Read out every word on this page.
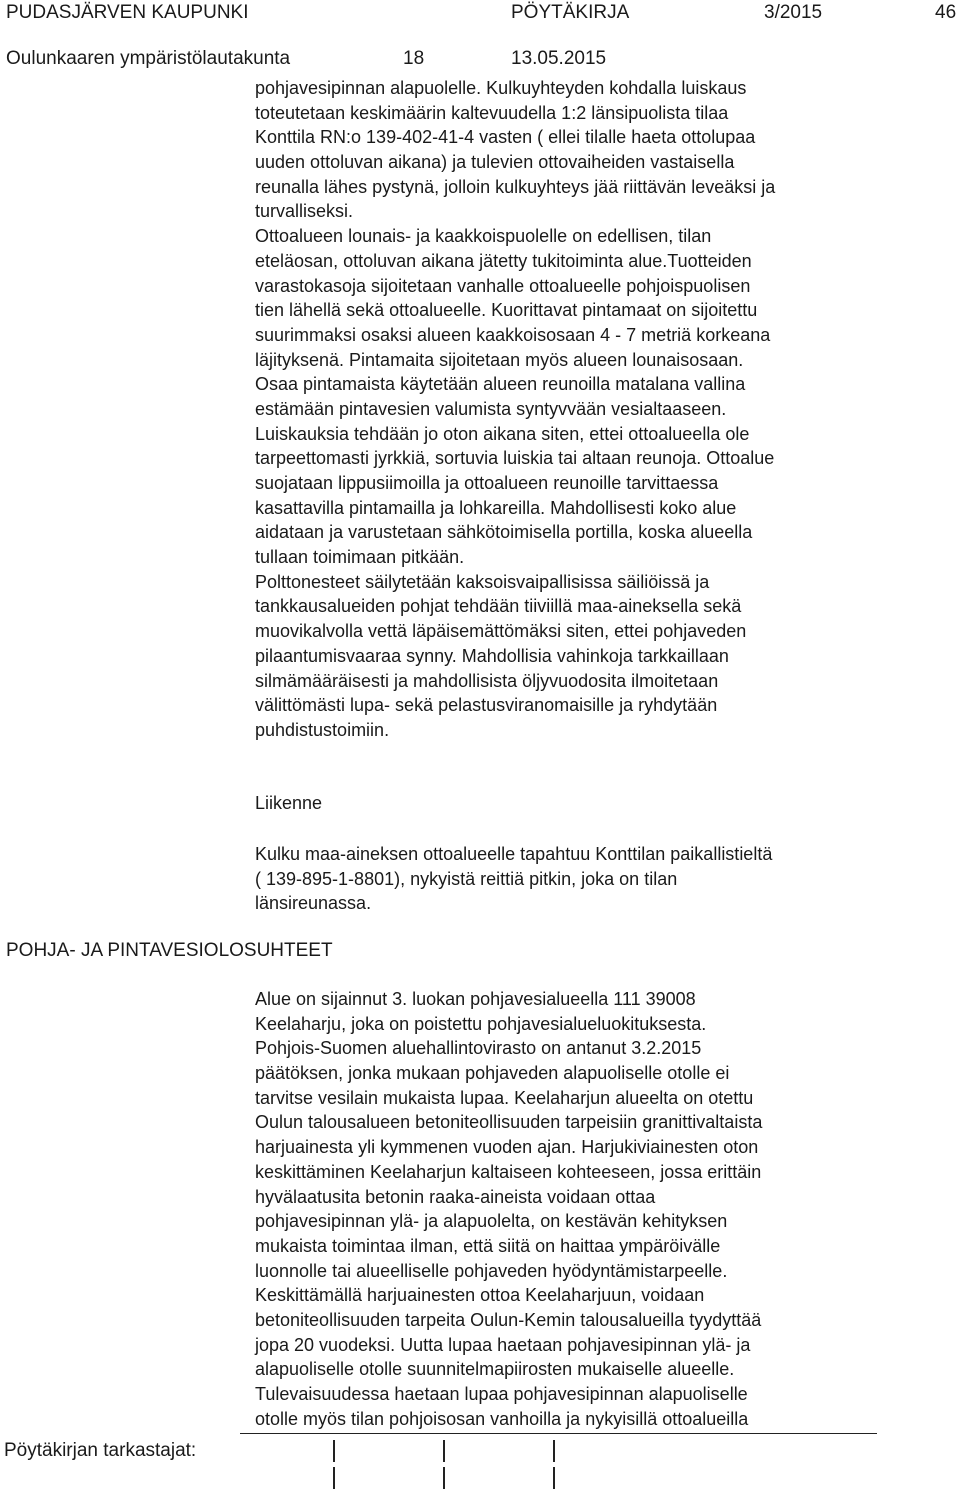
PUDASJÄRVEN KAUPUNKI	PÖYTÄKIRJA	3/2015	46
Oulunkaaren ympäristölautakunta	18	13.05.2015
pohjavesipinnan alapuolelle. Kulkuyhteyden kohdalla luiskaus
toteutetaan keskimäärin kaltevuudella 1:2 länsipuolista tilaa
Konttila RN:o 139-402-41-4 vasten ( ellei tilalle haeta ottolupaa
uuden ottoluvan aikana) ja tulevien ottovaiheiden vastaisella
reunalla lähes pystynä, jolloin kulkuyhteys jää riittävän leveäksi ja
turvalliseksi.
Ottoalueen lounais- ja kaakkoispuolelle on edellisen, tilan
eteläosan, ottoluvan aikana jätetty tukitoiminta alue.Tuotteiden
varastokasoja sijoitetaan vanhalle ottoalueelle pohjoispuolisen
tien lähellä sekä ottoalueelle. Kuorittavat pintamaat on sijoitettu
suurimmaksi osaksi alueen kaakkoisosaan 4 - 7 metriä korkeana
läjityksenä. Pintamaita sijoitetaan myös alueen lounaisosaan.
Osaa pintamaista käytetään alueen reunoilla matalana vallina
estämään pintavesien valumista syntyvvään vesialtaaseen.
Luiskauksia tehdään jo oton aikana siten, ettei ottoalueella ole
tarpeettomasti jyrkkiä, sortuvia luiskia tai altaan reunoja. Ottoalue
suojataan lippusiimoilla ja ottoalueen reunoille tarvittaessa
kasattavilla pintamailla ja lohkareilla. Mahdollisesti koko alue
aidataan ja varustetaan sähkötoimisella portilla, koska alueella
tullaan toimimaan pitkään.
Polttonesteet säilytetään kaksoisvaipallisissa säiliöissä ja
tankkausalueiden pohjat tehdään tiiviillä maa-aineksella sekä
muovikalvolla vettä läpäisemättömäksi siten, ettei pohjaveden
pilaantumisvaaraa synny. Mahdollisia vahinkoja tarkkaillaan
silmämääräisesti ja mahdollisista öljyvuodosita ilmoitetaan
välittömästi lupa- sekä pelastusviranomaisille ja ryhdytään
puhdistustoimiin.
Liikenne
Kulku maa-aineksen ottoalueelle tapahtuu Konttilan paikallistieltä
( 139-895-1-8801), nykyistä reittiä pitkin, joka on tilan
länsireunassa.
POHJA- JA PINTAVESIOLOSUHTEET
Alue on sijainnut 3. luokan pohjavesialueella 111 39008
Keelaharju, joka on poistettu pohjavesialueluokituksesta.
Pohjois-Suomen aluehallintovirasto on antanut 3.2.2015
päätöksen, jonka mukaan pohjaveden alapuoliselle otolle ei
tarvitse vesilain mukaista lupaa. Keelaharjun alueelta on otettu
Oulun talousalueen betoniteollisuuden tarpeisiin granittivaltaista
harjuainesta yli kymmenen vuoden ajan. Harjukiviainesten oton
keskittäminen Keelaharjun kaltaiseen kohteeseen, jossa erittäin
hyvälaatusita betonin raaka-aineista voidaan ottaa
pohjavesipinnan ylä- ja alapuolelta, on kestävän kehityksen
mukaista toimintaa ilman, että siitä on haittaa ympäröivälle
luonnolle tai alueelliselle pohjaveden hyödyntämistarpeelle.
Keskittämällä harjuainesten ottoa Keelaharjuun, voidaan
betoniteollisuuden tarpeita Oulun-Kemin talousalueilla tyydyttää
jopa 20 vuodeksi. Uutta lupaa haetaan pohjavesipinnan ylä- ja
alapuoliselle otolle suunnitelmapiirosten mukaiselle alueelle.
Tulevaisuudessa haetaan lupaa pohjavesipinnan alapuoliselle
otolle myös tilan pohjoisosan vanhoilla ja nykyisillä ottoalueilla
Pöytäkirjan tarkastajat:
